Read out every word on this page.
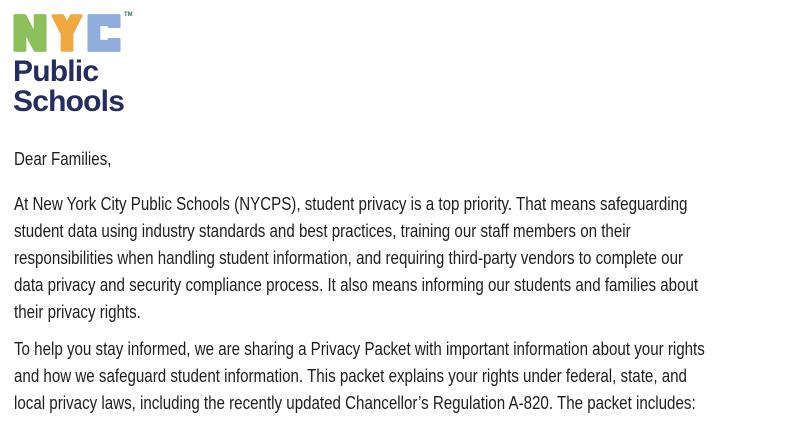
TM
Public
Schools
Dear Families,
At New York City Public Schools (NYCPS), student privacy is a top priority. That means safeguarding
student data using industry standards and best practices, training our staff members on their
responsibilities when handling student information, and requiring third-party vendors to complete our
data privacy and security compliance process. It also means informing our students and families about
their privacy rights.
To help you stay informed, we are sharing a Privacy Packet with important information about your rights
and how we safeguard student information. This packet explains your rights under federal, state, and
local privacy laws, including the recently updated Chancellor’s Regulation A-820. The packet includes:
